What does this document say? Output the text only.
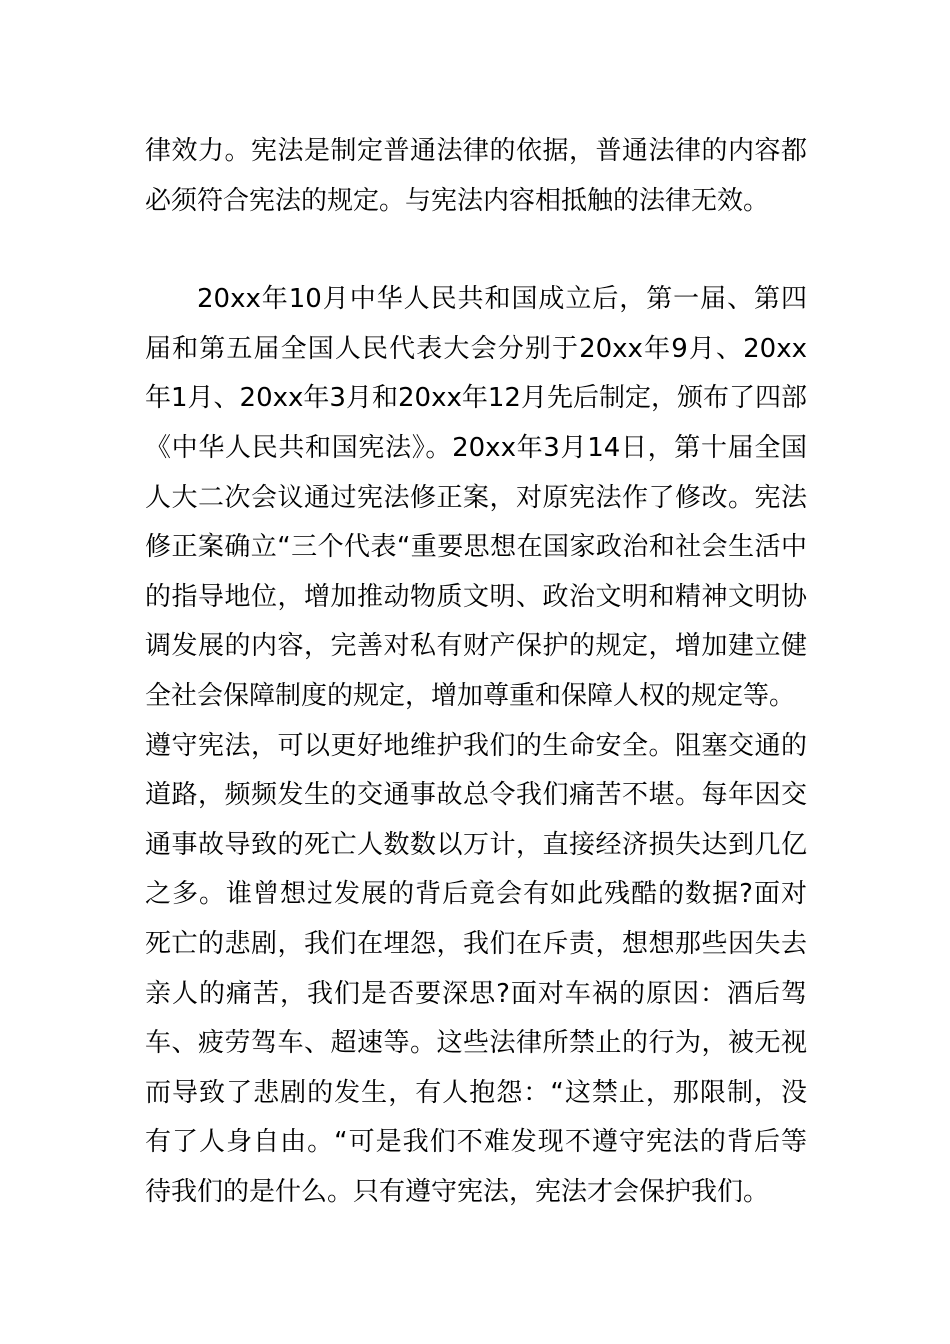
律效力。宪法是制定普通法律的依据，普通法律的内容都必须符合宪法的规定。与宪法内容相抵触的法律无效。

20xx年10月中华人民共和国成立后，第一届、第四届和第五届全国人民代表大会分别于20xx年9月、20xx年1月、20xx年3月和20xx年12月先后制定，颁布了四部《中华人民共和国宪法》。20xx年3月14日，第十届全国人大二次会议通过宪法修正案，对原宪法作了修改。宪法修正案确立“三个代表“重要思想在国家政治和社会生活中的指导地位，增加推动物质文明、政治文明和精神文明协调发展的内容，完善对私有财产保护的规定，增加建立健全社会保障制度的规定，增加尊重和保障人权的规定等。

遵守宪法，可以更好地维护我们的生命安全。阻塞交通的道路，频频发生的交通事故总令我们痛苦不堪。每年因交通事故导致的死亡人数数以万计，直接经济损失达到几亿之多。谁曾想过发展的背后竟会有如此残酷的数据?面对死亡的悲剧，我们在埋怨，我们在斥责，想想那些因失去亲人的痛苦，我们是否要深思?面对车祸的原因：酒后驾车、疲劳驾车、超速等。这些法律所禁止的行为，被无视而导致了悲剧的发生，有人抱怨：“这禁止，那限制，没有了人身自由。“可是我们不难发现不遵守宪法的背后等待我们的是什么。只有遵守宪法，宪法才会保护我们。
